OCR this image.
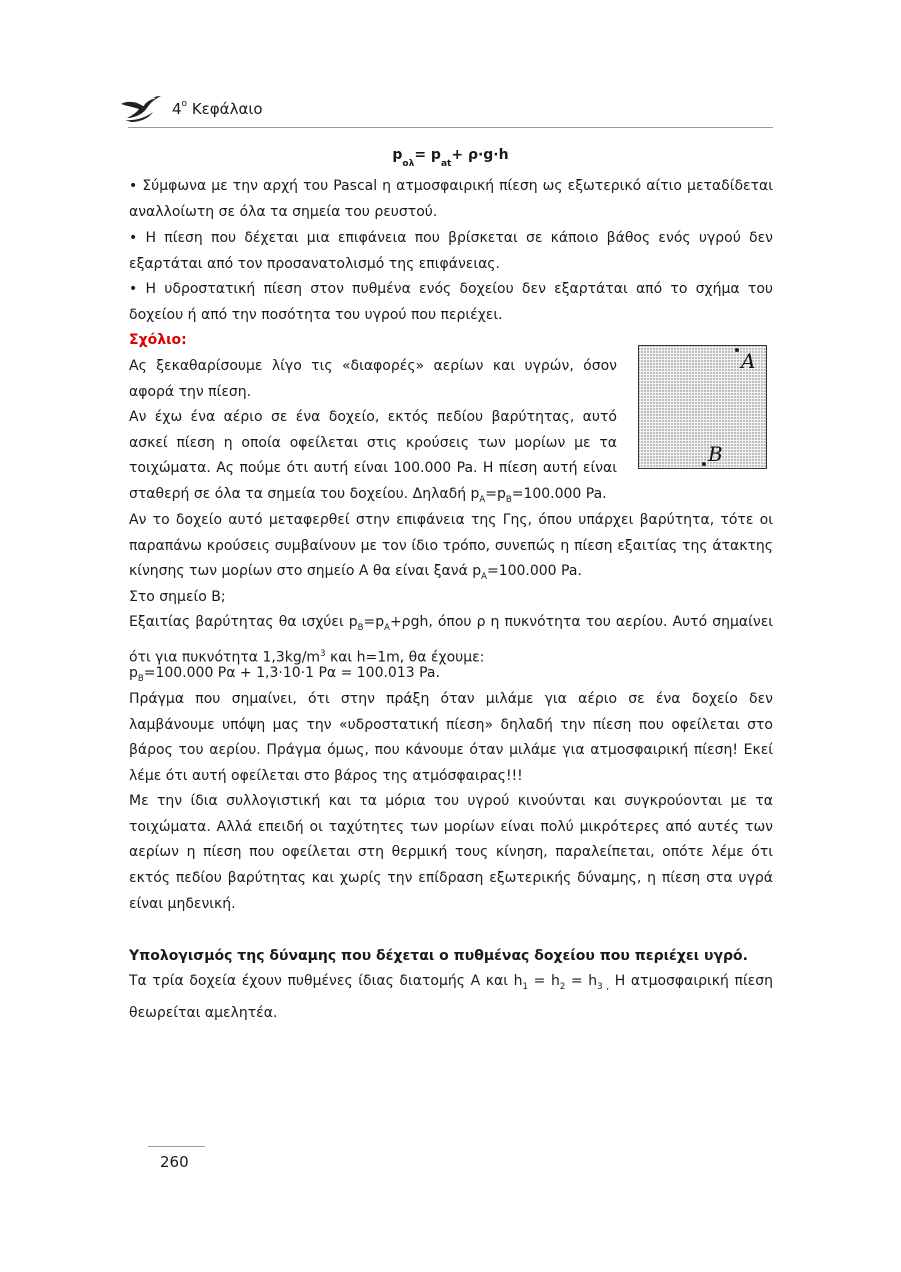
$4^o$ Κεφάλαιο
$p_{o\lambda}= p_{at}+ \rho\cdot g\cdot h$
• Σύμφωνα με την αρχή του Pascal η ατμοσφαιρική πίεση ως εξωτερικό αίτιο μεταδίδεται αναλλοίωτη σε όλα τα σημεία του ρευστού.
• Η πίεση που δέχεται μια επιφάνεια που βρίσκεται σε κάποιο βάθος ενός υγρού δεν εξαρτάται από τον προσανατολισμό της επιφάνειας.
• Η υδροστατική πίεση στον πυθμένα ενός δοχείου δεν εξαρτάται από το σχήμα του δοχείου ή από την ποσότητα του υγρού που περιέχει.
Σχόλιο:
Ας ξεκαθαρίσουμε λίγο τις «διαφορές» αερίων και υγρών, όσον αφορά την πίεση.
Αν έχω ένα αέριο σε ένα δοχείο, εκτός πεδίου βαρύτητας, αυτό ασκεί πίεση η οποία οφείλεται στις κρούσεις των μορίων με τα τοιχώματα. Ας πούμε ότι αυτή είναι 100.000 Pa. Η πίεση αυτή είναι σταθερή σε όλα τα σημεία του δοχείου. Δηλαδή $p_A=p_B=100.000$ Pa.
A
B
Αν το δοχείο αυτό μεταφερθεί στην επιφάνεια της Γης, όπου υπάρχει βαρύτητα, τότε οι παραπάνω κρούσεις συμβαίνουν με τον ίδιο τρόπο, συνεπώς η πίεση εξαιτίας της άτακτης κίνησης των μορίων στο σημείο Α θα είναι ξανά $p_A=100.000$ Pa.
Στο σημείο Β;
Εξαιτίας βαρύτητας θα ισχύει $p_B=p_A+\rho gh$, όπου ρ η πυκνότητα του αερίου. Αυτό σημαίνει ότι για πυκνότητα $1,3kg/m^3$ και h=1m, θα έχουμε:
$p_B=100.000$ Pα + 1,3·10·1 Pα = 100.013 Pa.
Πράγμα που σημαίνει, ότι στην πράξη όταν μιλάμε για αέριο σε ένα δοχείο δεν λαμβάνουμε υπόψη μας την «υδροστατική πίεση» δηλαδή την πίεση που οφείλεται στο βάρος του αερίου. Πράγμα όμως, που κάνουμε όταν μιλάμε για ατμοσφαιρική πίεση! Εκεί λέμε ότι αυτή οφείλεται στο βάρος της ατμόσφαιρας!!!
Με την ίδια συλλογιστική και τα μόρια του υγρού κινούνται και συγκρούονται με τα τοιχώματα. Αλλά επειδή οι ταχύτητες των μορίων είναι πολύ μικρότερες από αυτές των αερίων η πίεση που οφείλεται στη θερμική τους κίνηση, παραλείπεται, οπότε λέμε ότι εκτός πεδίου βαρύτητας και χωρίς την επίδραση εξωτερικής δύναμης, η πίεση στα υγρά είναι μηδενική.
Υπολογισμός της δύναμης που δέχεται ο πυθμένας δοχείου που περιέχει υγρό.
Τα τρία δοχεία έχουν πυθμένες ίδιας διατομής Α και $h_1 = h_2 = h_{3 ,}$ Η ατμοσφαιρική πίεση θεωρείται αμελητέα.
260
